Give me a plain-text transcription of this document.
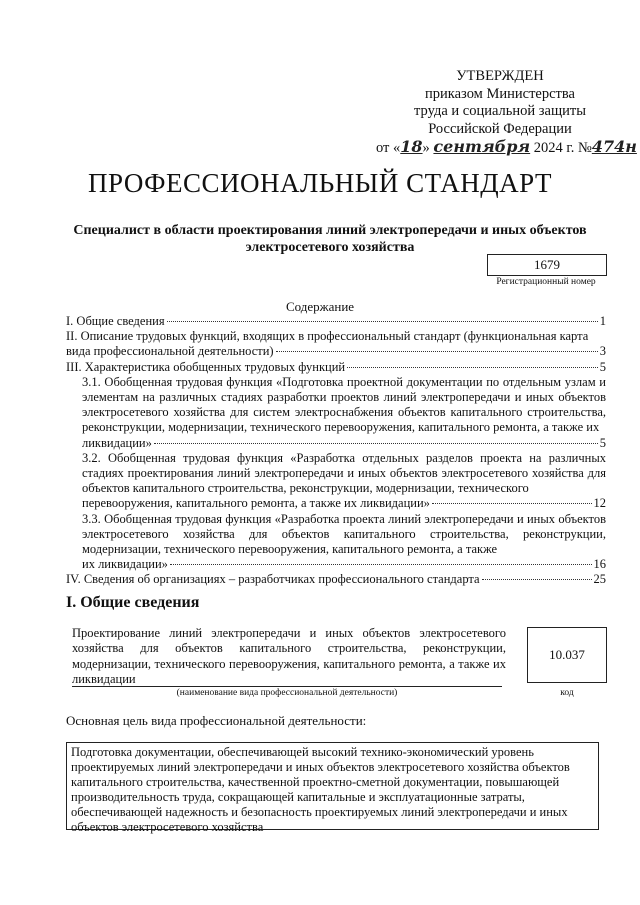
УТВЕРЖДЕН
приказом Министерства
труда и социальной защиты
Российской Федерации
от «18» сентября 2024 г. №474н
ПРОФЕССИОНАЛЬНЫЙ СТАНДАРТ
Специалист в области проектирования линий электропередачи и иных объектов электросетевого хозяйства
1679
Регистрационный номер
Содержание
I. Общие сведения	1
II. Описание трудовых функций, входящих в профессиональный стандарт (функциональная карта
вида профессиональной деятельности)	3
III. Характеристика обобщенных трудовых функций	5
3.1. Обобщенная трудовая функция «Подготовка проектной документации по отдельным узлам и элементам на различных стадиях разработки проектов линий электропередачи и иных объектов электросетевого хозяйства для систем электроснабжения объектов капитального строительства, реконструкции, модернизации, технического перевооружения, капитального ремонта, а также их
ликвидации»	5
3.2. Обобщенная трудовая функция «Разработка отдельных разделов проекта на различных стадиях проектирования линий электропередачи и иных объектов электросетевого хозяйства для объектов капитального строительства, реконструкции, модернизации, технического
перевооружения, капитального ремонта, а также их ликвидации»	12
3.3. Обобщенная трудовая функция «Разработка проекта линий электропередачи и иных объектов электросетевого хозяйства для объектов капитального строительства, реконструкции, модернизации, технического перевооружения, капитального ремонта, а также
их ликвидации»	16
IV. Сведения об организациях – разработчиках профессионального стандарта	25
I. Общие сведения
Проектирование линий электропередачи и иных объектов электросетевого хозяйства для объектов капитального строительства, реконструкции, модернизации, технического перевооружения, капитального ремонта, а также их ликвидации
(наименование вида профессиональной деятельности)
10.037
код
Основная цель вида профессиональной деятельности:
Подготовка документации, обеспечивающей высокий технико-экономический уровень проектируемых линий электропередачи и иных объектов электросетевого хозяйства объектов капитального строительства, качественной проектно-сметной документации, повышающей производительность труда, сокращающей капитальные и эксплуатационные затраты, обеспечивающей надежность и безопасность проектируемых линий электропередачи и иных объектов электросетевого хозяйства
